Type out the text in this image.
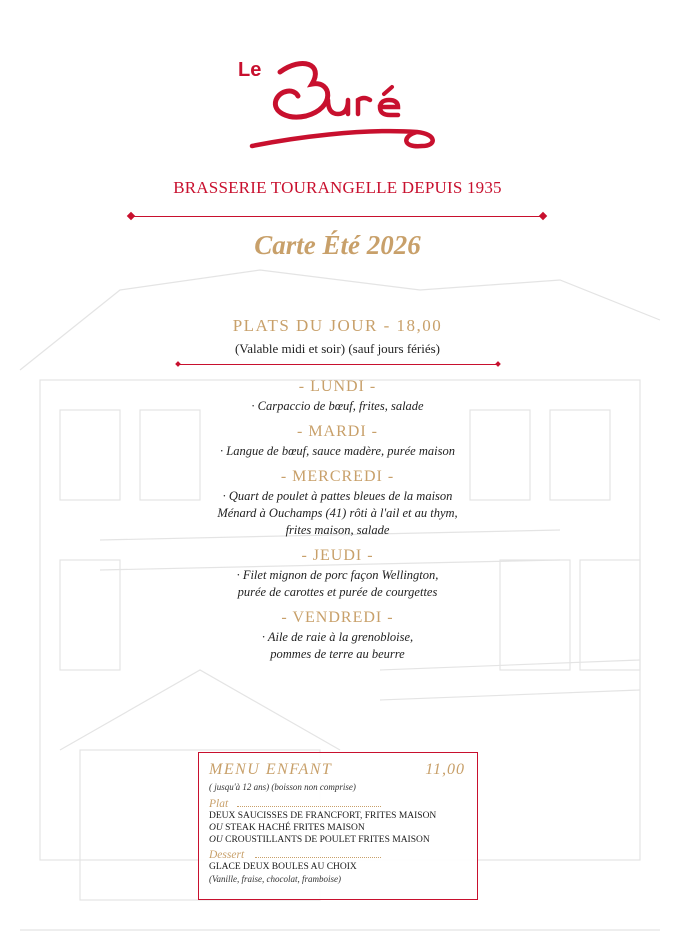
Le
BRASSERIE TOURANGELLE DEPUIS 1935
Carte Été 2026
PLATS DU JOUR - 18,00
(Valable midi et soir) (sauf jours fériés)
- LUNDI -
· Carpaccio de bœuf, frites, salade
- MARDI -
· Langue de bœuf, sauce madère, purée maison
- MERCREDI -
· Quart de poulet à pattes bleues de la maison
Ménard à Ouchamps (41) rôti à l'ail et au thym,
frites maison, salade
- JEUDI -
· Filet mignon de porc façon Wellington,
purée de carottes et purée de courgettes
- VENDREDI -
· Aile de raie à la grenobloise,
pommes de terre au beurre
MENU ENFANT	11,00
( jusqu'à 12 ans) (boisson non comprise)
Plat
DEUX SAUCISSES DE FRANCFORT, FRITES MAISON
OU STEAK HACHÉ FRITES MAISON
OU CROUSTILLANTS DE POULET FRITES MAISON
Dessert
GLACE DEUX BOULES AU CHOIX
(Vanille, fraise, chocolat, framboise)
